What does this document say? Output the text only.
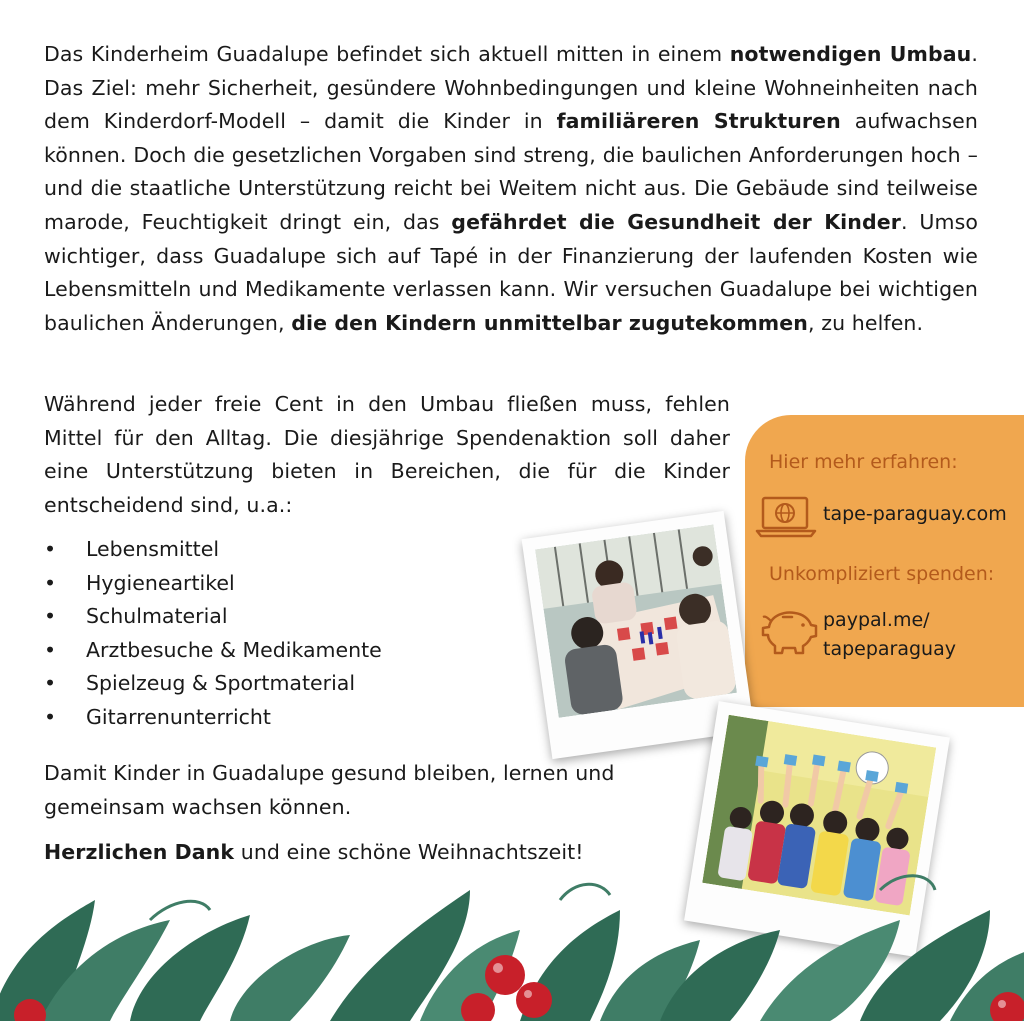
Das Kinderheim Guadalupe befindet sich aktuell mitten in einem notwendigen Umbau. Das Ziel: mehr Sicherheit, gesündere Wohnbedingungen und kleine Wohneinheiten nach dem Kinderdorf-Modell – damit die Kinder in familiäreren Strukturen aufwachsen können. Doch die gesetzlichen Vorgaben sind streng, die baulichen Anforderungen hoch – und die staatliche Unterstützung reicht bei Weitem nicht aus. Die Gebäude sind teilweise marode, Feuchtigkeit dringt ein, das gefährdet die Gesundheit der Kinder. Umso wichtiger, dass Guadalupe sich auf Tapé in der Finanzierung der laufenden Kosten wie Lebensmitteln und Medikamente verlassen kann. Wir versuchen Guadalupe bei wichtigen baulichen Änderungen, die den Kindern unmittelbar zugutekommen, zu helfen.

Während jeder freie Cent in den Umbau fließen muss, fehlen Mittel für den Alltag. Die diesjährige Spendenaktion soll daher eine Unterstützung bieten in Bereichen, die für die Kinder entscheidend sind, u.a.:

• Lebensmittel
• Hygieneartikel
• Schulmaterial
• Arztbesuche & Medikamente
• Spielzeug & Sportmaterial
• Gitarrenunterricht

Damit Kinder in Guadalupe gesund bleiben, lernen und gemeinsam wachsen können.

Herzlichen Dank und eine schöne Weihnachtszeit!

Hier mehr erfahren:
tape-paraguay.com
Unkompliziert spenden:
paypal.me/
tapeparaguay
